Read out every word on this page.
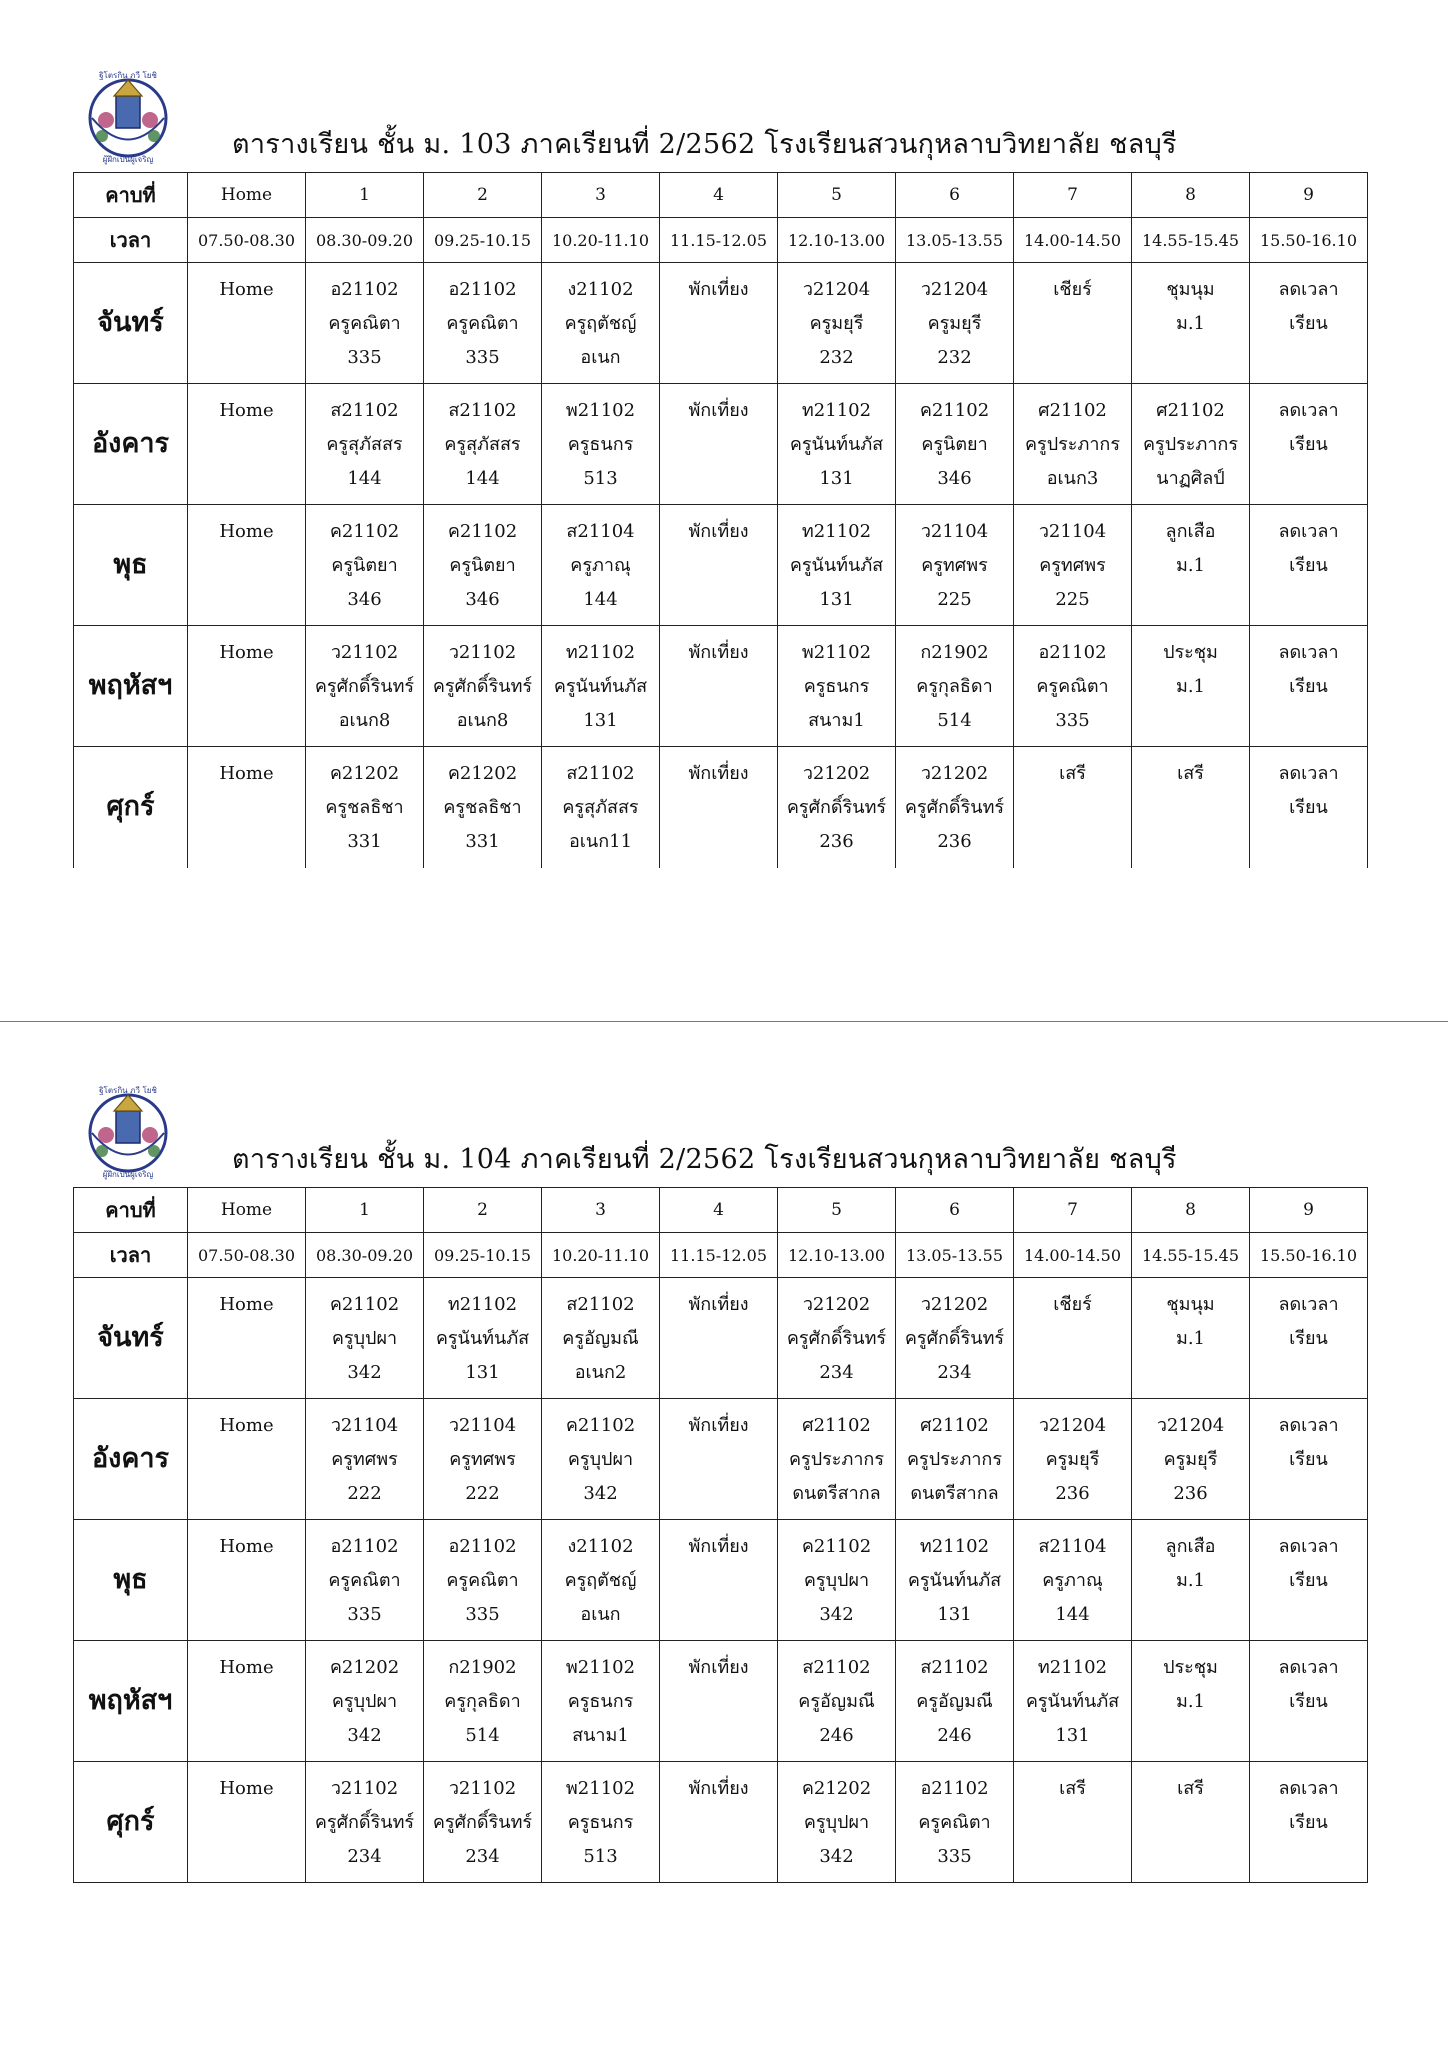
ฐิโตรกิน ภวี โยชิ
ผู้ฝึกเป็นผู้เจริญ	ตารางเรียน ชั้น ม. 103 ภาคเรียนที่ 2/2562 โรงเรียนสวนกุหลาบวิทยาลัย ชลบุรี
คาบที่	Home	1	2	3	4	5	6	7	8	9
เวลา	07.50-08.30	08.30-09.20	09.25-10.15	10.20-11.10	11.15-12.05	12.10-13.00	13.05-13.55	14.00-14.50	14.55-15.45	15.50-16.10
จันทร์	Home	อ21102
ครูคณิตา
335	อ21102
ครูคณิตา
335	ง21102
ครูฤตัชญ์
อเนก	พักเที่ยง	ว21204
ครูมยุรี
232	ว21204
ครูมยุรี
232	เชียร์	ชุมนุม
ม.1	ลดเวลา
เรียน

อังคาร	Home	ส21102
ครูสุภัสสร
144	ส21102
ครูสุภัสสร
144	พ21102
ครูธนกร
513	พักเที่ยง	ท21102
ครูนันท์นภัส
131	ค21102
ครูนิตยา
346	ศ21102
ครูประภากร
อเนก3	ศ21102
ครูประภากร
นาฏศิลป์	ลดเวลา
เรียน

พุธ	Home	ค21102
ครูนิตยา
346	ค21102
ครูนิตยา
346	ส21104
ครูภาณุ
144	พักเที่ยง	ท21102
ครูนันท์นภัส
131	ว21104
ครูทศพร
225	ว21104
ครูทศพร
225	ลูกเสือ
ม.1	ลดเวลา
เรียน

พฤหัสฯ	Home	ว21102
ครูศักดิ์รินทร์
อเนก8	ว21102
ครูศักดิ์รินทร์
อเนก8	ท21102
ครูนันท์นภัส
131	พักเที่ยง	พ21102
ครูธนกร
สนาม1	ก21902
ครูกุลธิดา
514	อ21102
ครูคณิตา
335	ประชุม
ม.1	ลดเวลา
เรียน

ศุกร์	Home	ค21202
ครูชลธิชา
331	ค21202
ครูชลธิชา
331	ส21102
ครูสุภัสสร
อเนก11	พักเที่ยง	ว21202
ครูศักดิ์รินทร์
236	ว21202
ครูศักดิ์รินทร์
236	เสรี	เสรี	ลดเวลา
เรียน
ฐิโตรกิน ภวี โยชิ
ผู้ฝึกเป็นผู้เจริญ	ตารางเรียน ชั้น ม. 104 ภาคเรียนที่ 2/2562 โรงเรียนสวนกุหลาบวิทยาลัย ชลบุรี
คาบที่	Home	1	2	3	4	5	6	7	8	9
เวลา	07.50-08.30	08.30-09.20	09.25-10.15	10.20-11.10	11.15-12.05	12.10-13.00	13.05-13.55	14.00-14.50	14.55-15.45	15.50-16.10
จันทร์	Home	ค21102
ครูบุปผา
342	ท21102
ครูนันท์นภัส
131	ส21102
ครูอัญมณี
อเนก2	พักเที่ยง	ว21202
ครูศักดิ์รินทร์
234	ว21202
ครูศักดิ์รินทร์
234	เชียร์	ชุมนุม
ม.1	ลดเวลา
เรียน

อังคาร	Home	ว21104
ครูทศพร
222	ว21104
ครูทศพร
222	ค21102
ครูบุปผา
342	พักเที่ยง	ศ21102
ครูประภากร
ดนตรีสากล	ศ21102
ครูประภากร
ดนตรีสากล	ว21204
ครูมยุรี
236	ว21204
ครูมยุรี
236	ลดเวลา
เรียน

พุธ	Home	อ21102
ครูคณิตา
335	อ21102
ครูคณิตา
335	ง21102
ครูฤตัชญ์
อเนก	พักเที่ยง	ค21102
ครูบุปผา
342	ท21102
ครูนันท์นภัส
131	ส21104
ครูภาณุ
144	ลูกเสือ
ม.1	ลดเวลา
เรียน

พฤหัสฯ	Home	ค21202
ครูบุปผา
342	ก21902
ครูกุลธิดา
514	พ21102
ครูธนกร
สนาม1	พักเที่ยง	ส21102
ครูอัญมณี
246	ส21102
ครูอัญมณี
246	ท21102
ครูนันท์นภัส
131	ประชุม
ม.1	ลดเวลา
เรียน

ศุกร์	Home	ว21102
ครูศักดิ์รินทร์
234	ว21102
ครูศักดิ์รินทร์
234	พ21102
ครูธนกร
513	พักเที่ยง	ค21202
ครูบุปผา
342	อ21102
ครูคณิตา
335	เสรี	เสรี	ลดเวลา
เรียน
